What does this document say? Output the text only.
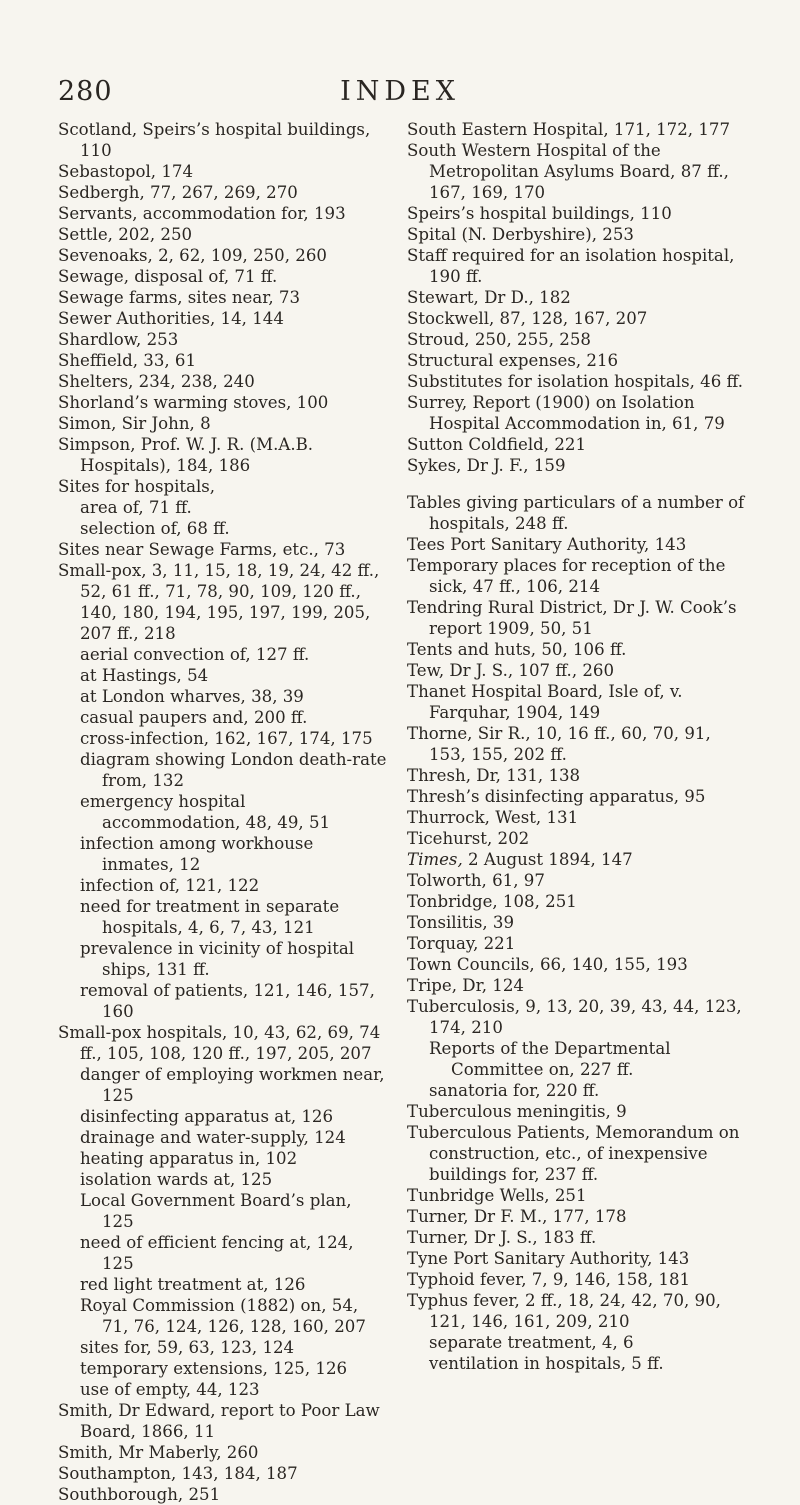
280	INDEX
Scotland, Speirs’s hospital buildings, 110
Sebastopol, 174
Sedbergh, 77, 267, 269, 270
Servants, accommodation for, 193
Settle, 202, 250
Sevenoaks, 2, 62, 109, 250, 260
Sewage, disposal of, 71 ff.
Sewage farms, sites near, 73
Sewer Authorities, 14, 144
Shardlow, 253
Sheffield, 33, 61
Shelters, 234, 238, 240
Shorland’s warming stoves, 100
Simon, Sir John, 8
Simpson, Prof. W. J. R. (M.A.B. Hospitals), 184, 186
Sites for hospitals,
area of, 71 ff.
selection of, 68 ff.
Sites near Sewage Farms, etc., 73
Small-pox, 3, 11, 15, 18, 19, 24, 42 ff., 52, 61 ff., 71, 78, 90, 109, 120 ff., 140, 180, 194, 195, 197, 199, 205, 207 ff., 218
aerial convection of, 127 ff.
at Hastings, 54
at London wharves, 38, 39
casual paupers and, 200 ff.
cross-infection, 162, 167, 174, 175
diagram showing London death-rate from, 132
emergency hospital accommodation, 48, 49, 51
infection among workhouse inmates, 12
infection of, 121, 122
need for treatment in separate hospitals, 4, 6, 7, 43, 121
prevalence in vicinity of hospital ships, 131 ff.
removal of patients, 121, 146, 157, 160
Small-pox hospitals, 10, 43, 62, 69, 74 ff., 105, 108, 120 ff., 197, 205, 207
danger of employing workmen near, 125
disinfecting apparatus at, 126
drainage and water-supply, 124
heating apparatus in, 102
isolation wards at, 125
Local Government Board’s plan, 125
need of efficient fencing at, 124, 125
red light treatment at, 126
Royal Commission (1882) on, 54, 71, 76, 124, 126, 128, 160, 207
sites for, 59, 63, 123, 124
temporary extensions, 125, 126
use of empty, 44, 123
Smith, Dr Edward, report to Poor Law Board, 1866, 11
Smith, Mr Maberly, 260
Southampton, 143, 184, 187
Southborough, 251
South Eastern Hospital, 171, 172, 177
South Western Hospital of the Metropolitan Asylums Board, 87 ff., 167, 169, 170
Speirs’s hospital buildings, 110
Spital (N. Derbyshire), 253
Staff required for an isolation hospital, 190 ff.
Stewart, Dr D., 182
Stockwell, 87, 128, 167, 207
Stroud, 250, 255, 258
Structural expenses, 216
Substitutes for isolation hospitals, 46 ff.
Surrey, Report (1900) on Isolation Hospital Accommodation in, 61, 79
Sutton Coldfield, 221
Sykes, Dr J. F., 159
Tables giving particulars of a number of hospitals, 248 ff.
Tees Port Sanitary Authority, 143
Temporary places for reception of the sick, 47 ff., 106, 214
Tendring Rural District, Dr J. W. Cook’s report 1909, 50, 51
Tents and huts, 50, 106 ff.
Tew, Dr J. S., 107 ff., 260
Thanet Hospital Board, Isle of, v. Farquhar, 1904, 149
Thorne, Sir R., 10, 16 ff., 60, 70, 91, 153, 155, 202 ff.
Thresh, Dr, 131, 138
Thresh’s disinfecting apparatus, 95
Thurrock, West, 131
Ticehurst, 202
Times, 2 August 1894, 147
Tolworth, 61, 97
Tonbridge, 108, 251
Tonsilitis, 39
Torquay, 221
Town Councils, 66, 140, 155, 193
Tripe, Dr, 124
Tuberculosis, 9, 13, 20, 39, 43, 44, 123, 174, 210
Reports of the Departmental Committee on, 227 ff.
sanatoria for, 220 ff.
Tuberculous meningitis, 9
Tuberculous Patients, Memorandum on construction, etc., of inexpensive buildings for, 237 ff.
Tunbridge Wells, 251
Turner, Dr F. M., 177, 178
Turner, Dr J. S., 183 ff.
Tyne Port Sanitary Authority, 143
Typhoid fever, 7, 9, 146, 158, 181
Typhus fever, 2 ff., 18, 24, 42, 70, 90, 121, 146, 161, 209, 210
separate treatment, 4, 6
ventilation in hospitals, 5 ff.
